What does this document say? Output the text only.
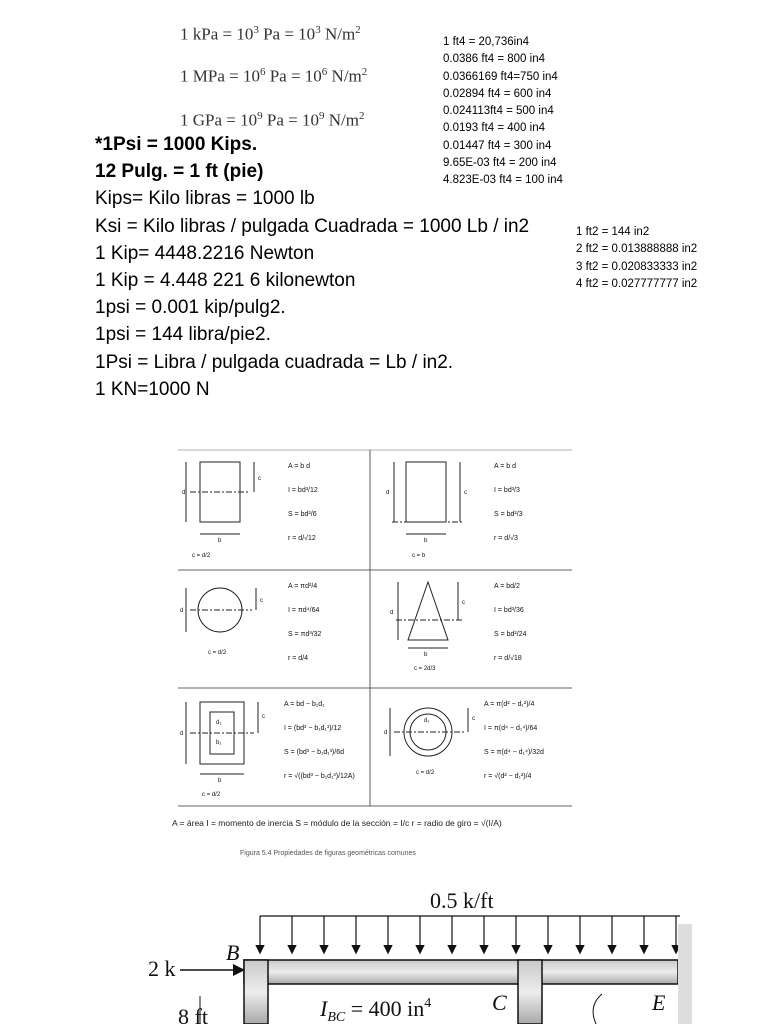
1 kPa = $10^3$ $Pa = 10^3$ $N/m^2$
1 MPa = $10^6$ $Pa = 10^6$ $N/m^2$
1 GPa = $10^9$ $Pa = 10^9$ $N/m^2$
1 ft4 = 20,736in4
0.0386 ft4 = 800 in4
0.0366169 ft4=750 in4
0.02894 ft4 = 600 in4
0.024113ft4 = 500 in4
0.0193 ft4 = 400 in4
0.01447 ft4 = 300 in4
9.65E-03 ft4 = 200 in4
4.823E-03 ft4 = 100 in4
1 ft2 = 144 in2
2 ft2 = 0.013888888 in2
3 ft2 = 0.020833333 in2
4 ft2 = 0.027777777 in2
*1Psi = 1000 Kips.
12 Pulg. = 1 ft (pie)
Kips= Kilo libras = 1000 lb
Ksi = Kilo libras / pulgada Cuadrada = 1000 Lb / in2
1 Kip= 4448.2216 Newton
1 Kip = 4.448 221 6 kilonewton
1psi = 0.001 kip/pulg2.
1psi = 144 libra/pie2.
1Psi = Libra / pulgada cuadrada = Lb / in2.
1 KN=1000 N
d
c
b
c = d/2
A = b d
I = bd³/12
S = bd²/6
r = d/√12
d	c
b
c = b
A = b d
I = bd³/3
S = bd²/3
r = d/√3
d
c
c = d/2
A = πd²/4
I = πd⁴/64
S = πd³/32
r = d/4
d
c
b
c = 2d/3
A = bd/2
I = bd³/36
S = bd²/24
r = d/√18
d
c
b
d₁
b₁
c = d/2
A = bd − b₁d₁
I = (bd³ − b₁d₁³)/12
S = (bd³ − b₁d₁³)/6d
r = √((bd³ − b₁d₁³)/12A)
d
c
d₁
c = d/2
A = π(d² − d₁²)/4
I = π(d⁴ − d₁⁴)/64
S = π(d⁴ − d₁⁴)/32d
r = √(d² − d₁²)/4
A = área I = momento de inercia S = módulo de la sección = I/c r = radio de giro = √(I/A)
Figura 5.4 Propiedades de figuras geométricas comunes
0.5 k/ft
2 k
B
C	E
$I_{BC} = 400$ $in^4$
8 ft
